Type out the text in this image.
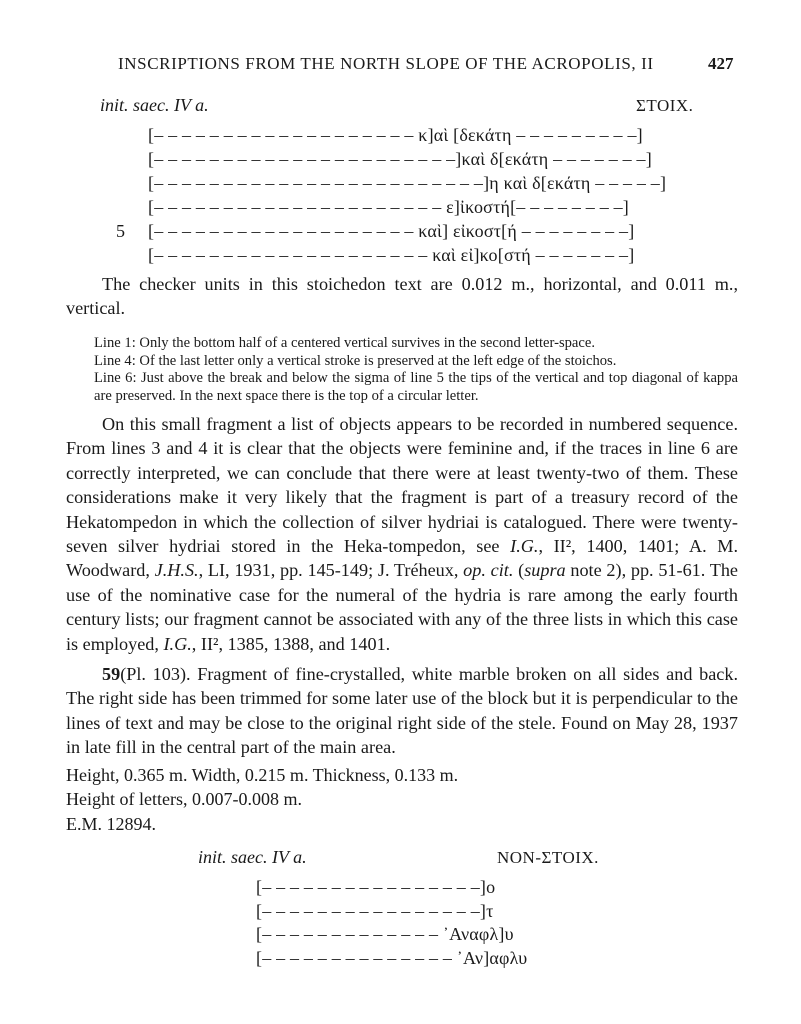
INSCRIPTIONS FROM THE NORTH SLOPE OF THE ACROPOLIS, II	427
init. saec. IV a.	ΣΤΟΙΧ.
[– – – – – – – – – – – – – – – – – – – κ]αὶ [δεκάτη – – – – – – – – –]
[– – – – – – – – – – – – – – – – – – – – – –]καὶ δ[εκάτη – – – – – – –]
[– – – – – – – – – – – – – – – – – – – – – – – –]η καὶ δ[εκάτη – – – – –]
[– – – – – – – – – – – – – – – – – – – – – ε]ἰκοστή[– – – – – – – –]
5 [– – – – – – – – – – – – – – – – – – – καὶ] εἰκοστ[ή – – – – – – – –]
[– – – – – – – – – – – – – – – – – – – – καὶ εἰ]κο[στή – – – – – – –]

The checker units in this stoichedon text are 0.012 m., horizontal, and 0.011 m., vertical.

Line 1: Only the bottom half of a centered vertical survives in the second letter-space.

Line 4: Of the last letter only a vertical stroke is preserved at the left edge of the stoichos.

Line 6: Just above the break and below the sigma of line 5 the tips of the vertical and top diagonal of kappa are preserved. In the next space there is the top of a circular letter.

On this small fragment a list of objects appears to be recorded in numbered sequence. From lines 3 and 4 it is clear that the objects were feminine and, if the traces in line 6 are correctly interpreted, we can conclude that there were at least twenty-two of them. These considerations make it very likely that the fragment is part of a treasury record of the Hekatompedon in which the collection of silver hydriai is catalogued. There were twenty-seven silver hydriai stored in the Heka-tompedon, see I.G., II², 1400, 1401; A. M. Woodward, J.H.S., LI, 1931, pp. 145-149; J. Tréheux, op. cit. (supra note 2), pp. 51-61. The use of the nominative case for the numeral of the hydria is rare among the early fourth century lists; our fragment cannot be associated with any of the three lists in which this case is employed, I.G., II², 1385, 1388, and 1401.

59(Pl. 103). Fragment of fine-crystalled, white marble broken on all sides and back. The right side has been trimmed for some later use of the block but it is perpendicular to the lines of text and may be close to the original right side of the stele. Found on May 28, 1937 in late fill in the central part of the main area.

Height, 0.365 m. Width, 0.215 m. Thickness, 0.133 m.
Height of letters, 0.007-0.008 m.
E.M. 12894.
init. saec. IV a.	NON-ΣΤΟΙΧ.
[– – – – – – – – – – – – – – – –]ο
[– – – – – – – – – – – – – – – –]τ
[– – – – – – – – – – – – – ᾽Αναφλ]υ
[– – – – – – – – – – – – – – ᾽Αν]αφλυ
